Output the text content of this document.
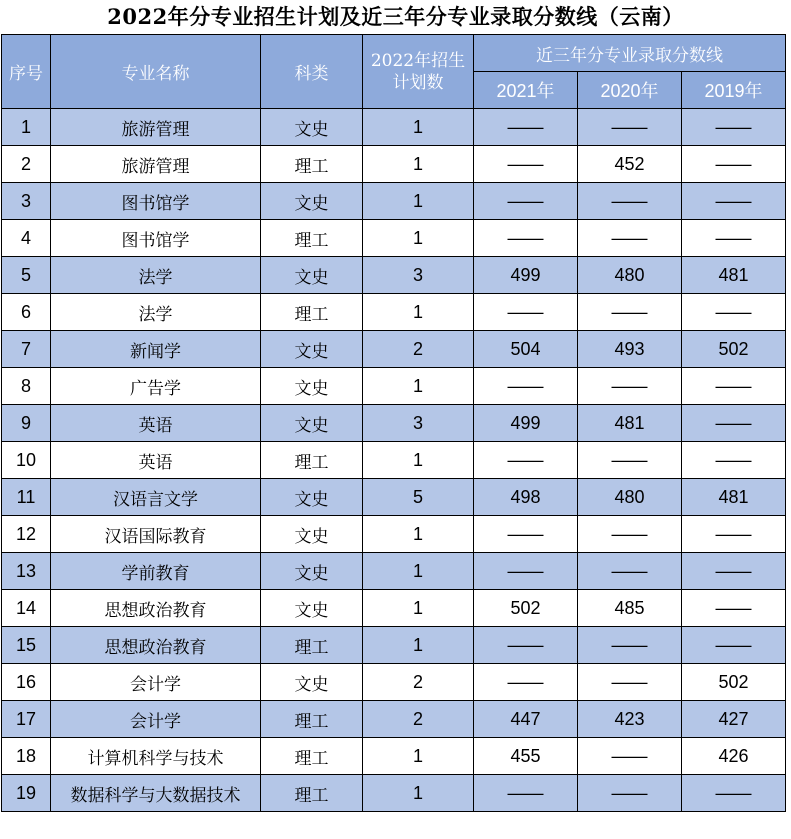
2022年分专业招生计划及近三年分专业录取分数线（云南）
序号	专业名称	科类	2022年招生计划数	近三年分专业录取分数线		
				2021年	2020年	2019年
1	旅游管理	文史	1	——	——	——
2	旅游管理	理工	1	——	452	——
3	图书馆学	文史	1	——	——	——
4	图书馆学	理工	1	——	——	——
5	法学	文史	3	499	480	481
6	法学	理工	1	——	——	——
7	新闻学	文史	2	504	493	502
8	广告学	文史	1	——	——	——
9	英语	文史	3	499	481	——
10	英语	理工	1	——	——	——
11	汉语言文学	文史	5	498	480	481
12	汉语国际教育	文史	1	——	——	——
13	学前教育	文史	1	——	——	——
14	思想政治教育	文史	1	502	485	——
15	思想政治教育	理工	1	——	——	——
16	会计学	文史	2	——	——	502
17	会计学	理工	2	447	423	427
18	计算机科学与技术	理工	1	455	——	426
19	数据科学与大数据技术	理工	1	——	——	——
